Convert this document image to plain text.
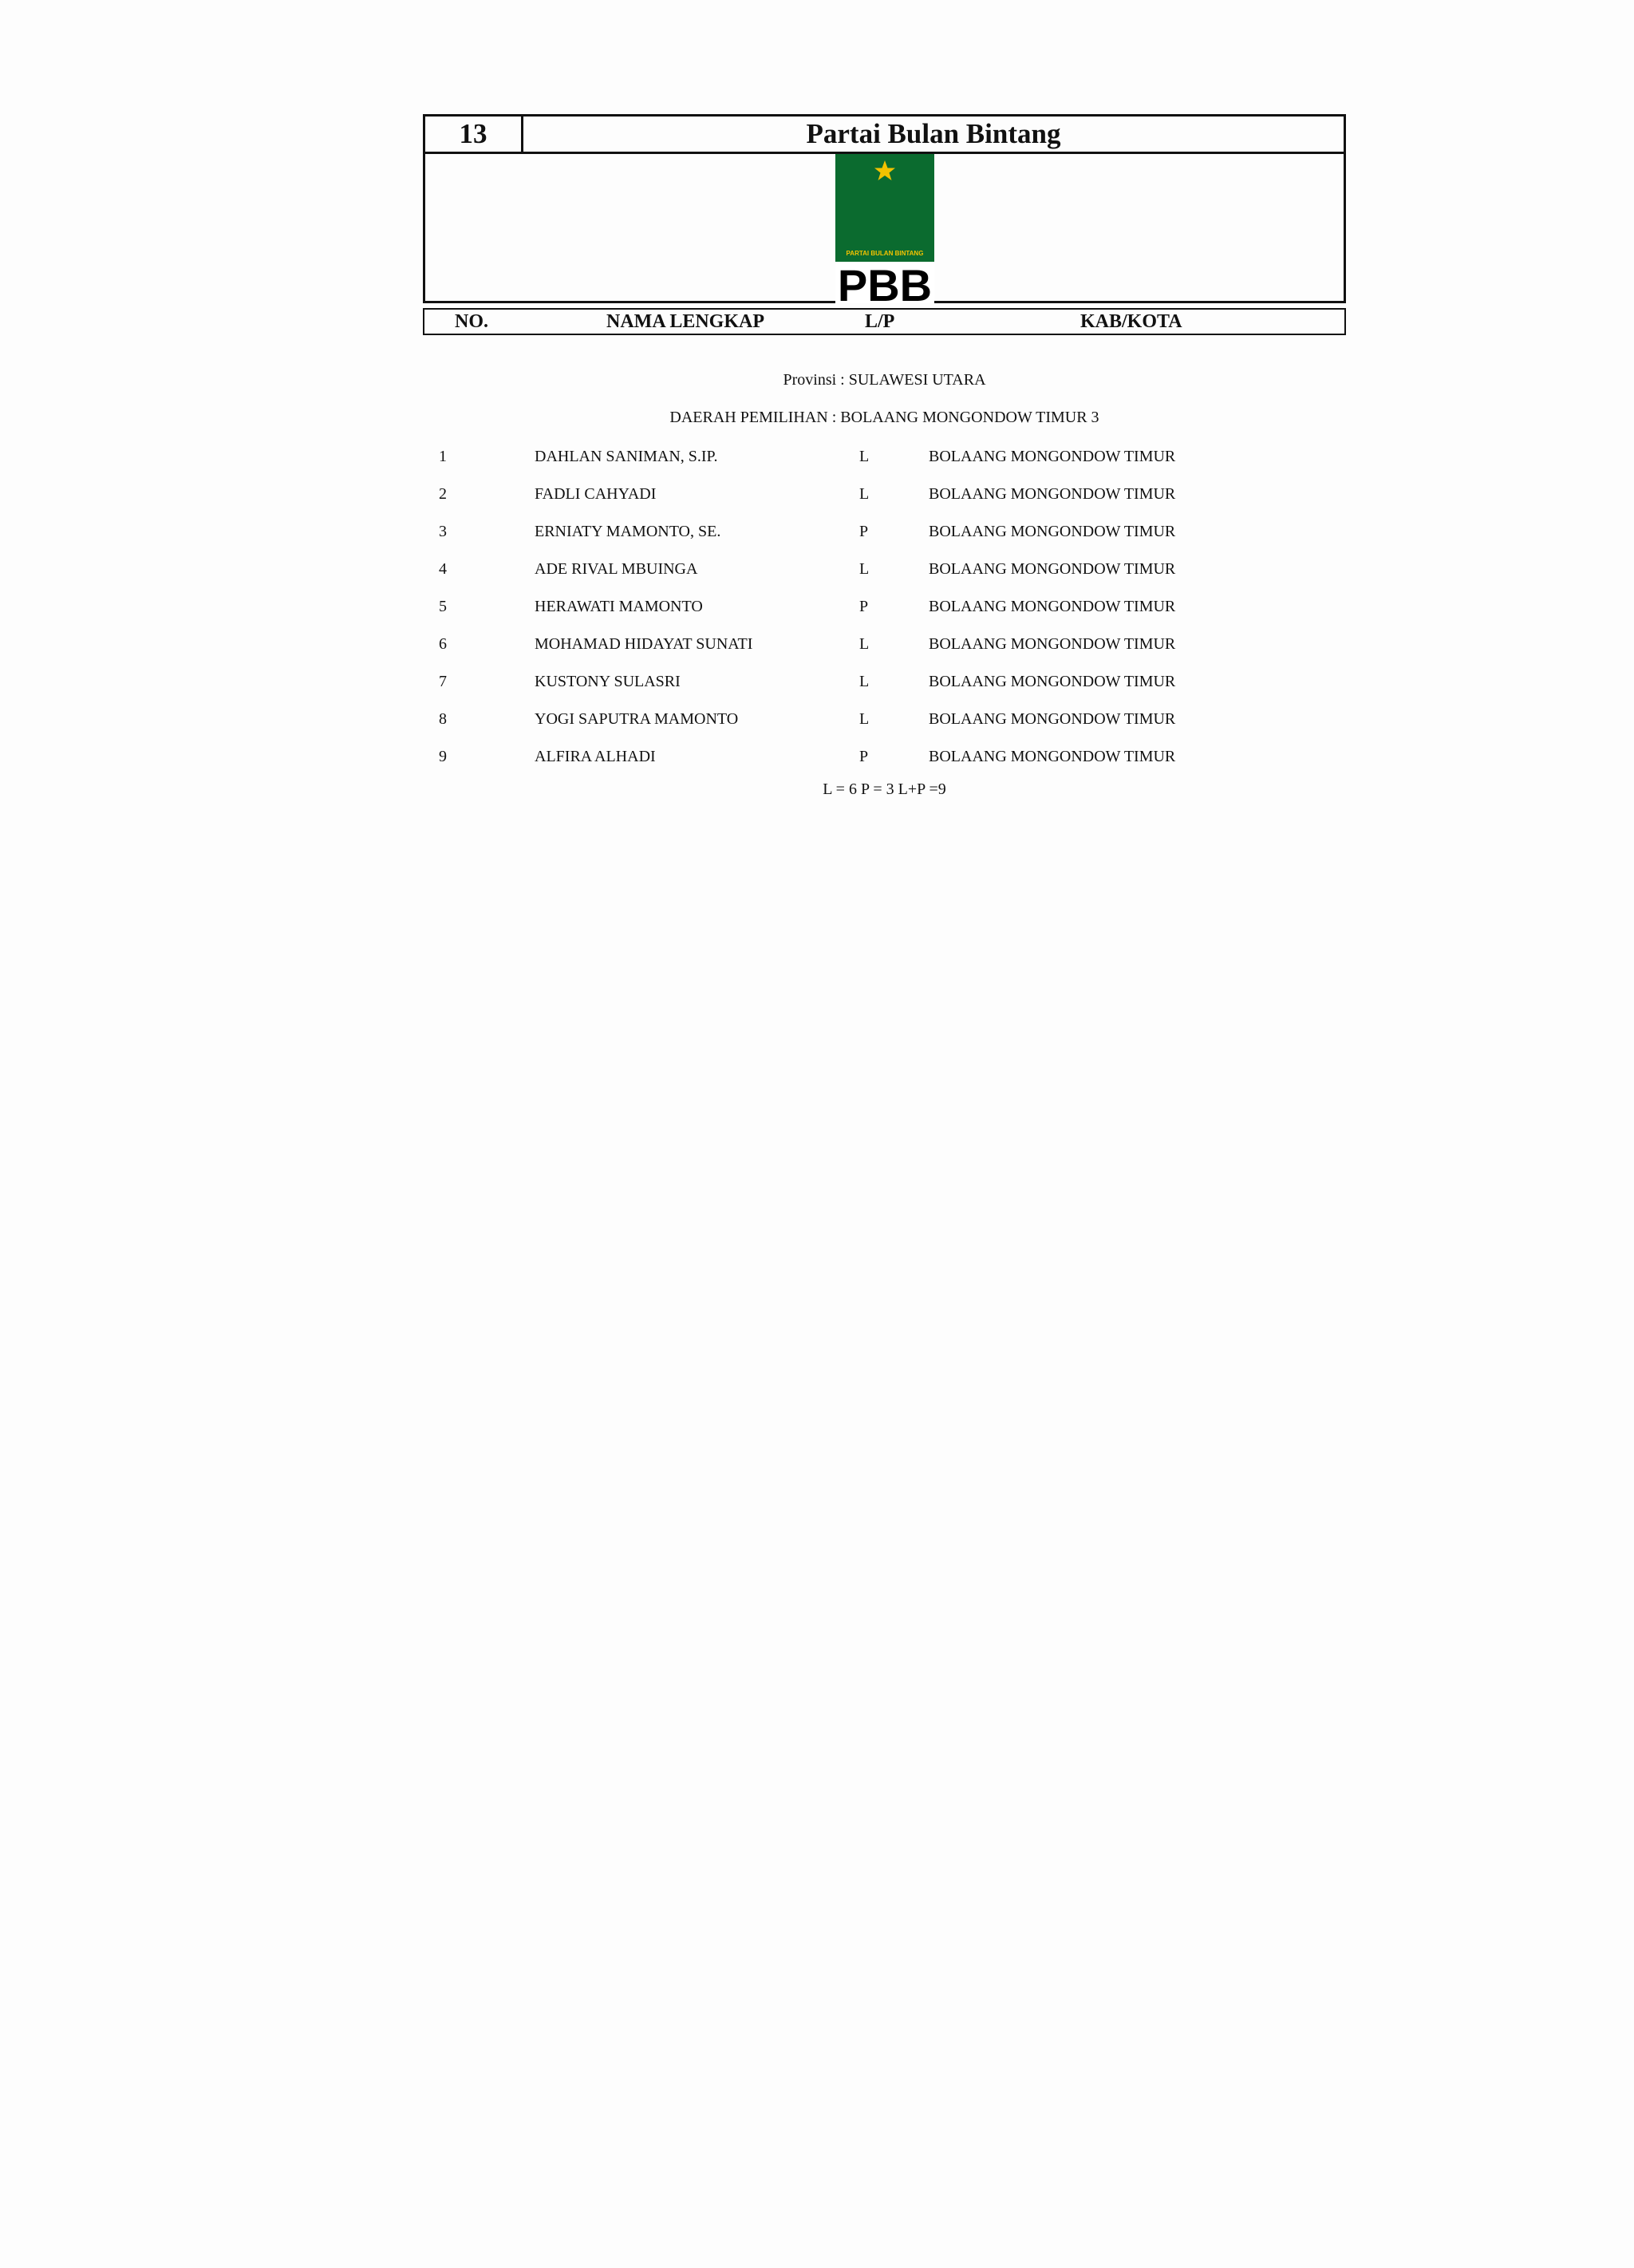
13	Partai Bulan Bintang
PARTAI BULAN BINTANG
PBB
NO.	NAMA LENGKAP	L/P	KAB/KOTA
Provinsi : SULAWESI UTARA
DAERAH PEMILIHAN : BOLAANG MONGONDOW TIMUR 3
1	DAHLAN SANIMAN, S.IP.	L	BOLAANG MONGONDOW TIMUR
2	FADLI CAHYADI	L	BOLAANG MONGONDOW TIMUR
3	ERNIATY MAMONTO, SE.	P	BOLAANG MONGONDOW TIMUR
4	ADE RIVAL MBUINGA	L	BOLAANG MONGONDOW TIMUR
5	HERAWATI MAMONTO	P	BOLAANG MONGONDOW TIMUR
6	MOHAMAD HIDAYAT SUNATI	L	BOLAANG MONGONDOW TIMUR
7	KUSTONY SULASRI	L	BOLAANG MONGONDOW TIMUR
8	YOGI SAPUTRA MAMONTO	L	BOLAANG MONGONDOW TIMUR
9	ALFIRA ALHADI	P	BOLAANG MONGONDOW TIMUR
L = 6 P = 3 L+P =9
